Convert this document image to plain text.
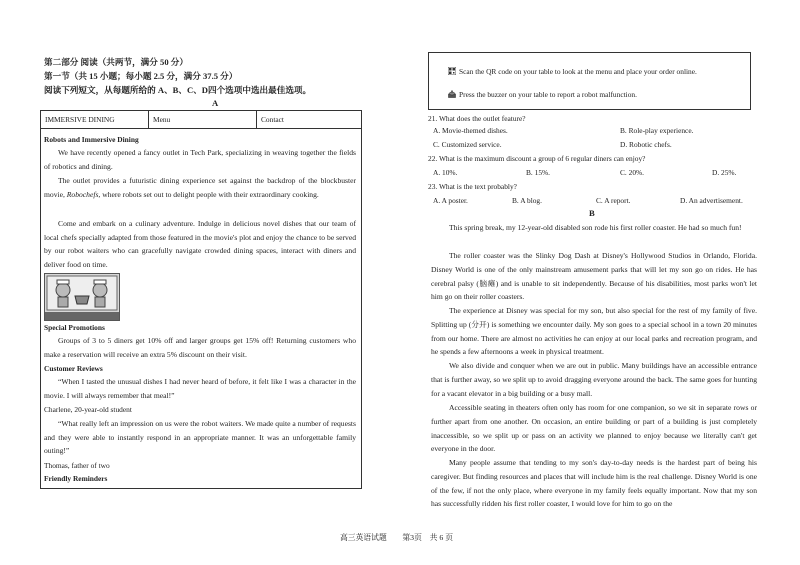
第二部分 阅读（共两节，满分 50 分）
第一节（共 15 小题；每小题 2.5 分，满分 37.5 分）
阅读下列短文，从每题所给的 A、B、C、D四个选项中选出最佳选项。
A
IMMERSIVE DINING	Menu	Contact
Robots and Immersive Dining
We have recently opened a fancy outlet in Tech Park, specializing in weaving together the fields of robotics and dining.
The outlet provides a futuristic dining experience set against the backdrop of the blockbuster movie, Robochefs, where robots set out to delight people with their extraordinary cooking.
Come and embark on a culinary adventure. Indulge in delicious novel dishes that our team of local chefs specially adapted from those featured in the movie's plot and enjoy the chance to be served by our robot waiters who can gracefully navigate crowded dining spaces, interact with diners and deliver food on time.
Special Promotions
Groups of 3 to 5 diners get 10% off and larger groups get 15% off! Returning customers who make a reservation will receive an extra 5% discount on their visit.
Customer Reviews
“When I tasted the unusual dishes I had never heard of before, it felt like I was a character in the movie. I will always remember that meal!”
Charlene, 20-year-old student
“What really left an impression on us were the robot waiters. We made quite a number of requests and they were able to instantly respond in an appropriate manner. It was an unforgettable family outing!”
Thomas, father of two
Friendly Reminders
Scan the QR code on your table to look at the menu and place your order online.
Press the buzzer on your table to report a robot malfunction.
21. What does the outlet feature?
A. Movie-themed dishes.	B. Role-play experience.
C. Customized service.	D. Robotic chefs.
22. What is the maximum discount a group of 6 regular diners can enjoy?
A. 10%.	B. 15%.	C. 20%.	D. 25%.
23. What is the text probably?
A. A poster.	B. A blog.	C. A report.	D. An advertisement.
B
This spring break, my 12-year-old disabled son rode his first roller coaster. He had so much fun!
The roller coaster was the Slinky Dog Dash at Disney's Hollywood Studios in Orlando, Florida. Disney World is one of the only mainstream amusement parks that will let my son go on rides. He has cerebral palsy (脑瘫) and is unable to sit independently. Because of his disabilities, most parks won't let him go on their roller coasters.
The experience at Disney was special for my son, but also special for the rest of my family of five. Splitting up (分开) is something we encounter daily. My son goes to a special school in a town 20 minutes from our home. There are almost no activities he can enjoy at our local parks and recreation program, and he spends a few afternoons a week in physical treatment.
We also divide and conquer when we are out in public. Many buildings have an accessible entrance that is further away, so we split up to avoid dragging everyone around the back. The same goes for hunting for a vacant elevator in a big building or a busy mall.
Accessible seating in theaters often only has room for one companion, so we sit in separate rows or further apart from one another. On occasion, an entire building or part of a building is just completely inaccessible, so we split up or pass on an activity we planned to enjoy because we literally can't get everyone in the door.
Many people assume that tending to my son's day-to-day needs is the hardest part of being his caregiver. But finding resources and places that will include him is the real challenge. Disney World is one of the few, if not the only place, where everyone in my family feels equally important. Now that my son has successfully ridden his first roller coaster, I would love for him to go on the
高三英语试题　　第3页　共 6 页
